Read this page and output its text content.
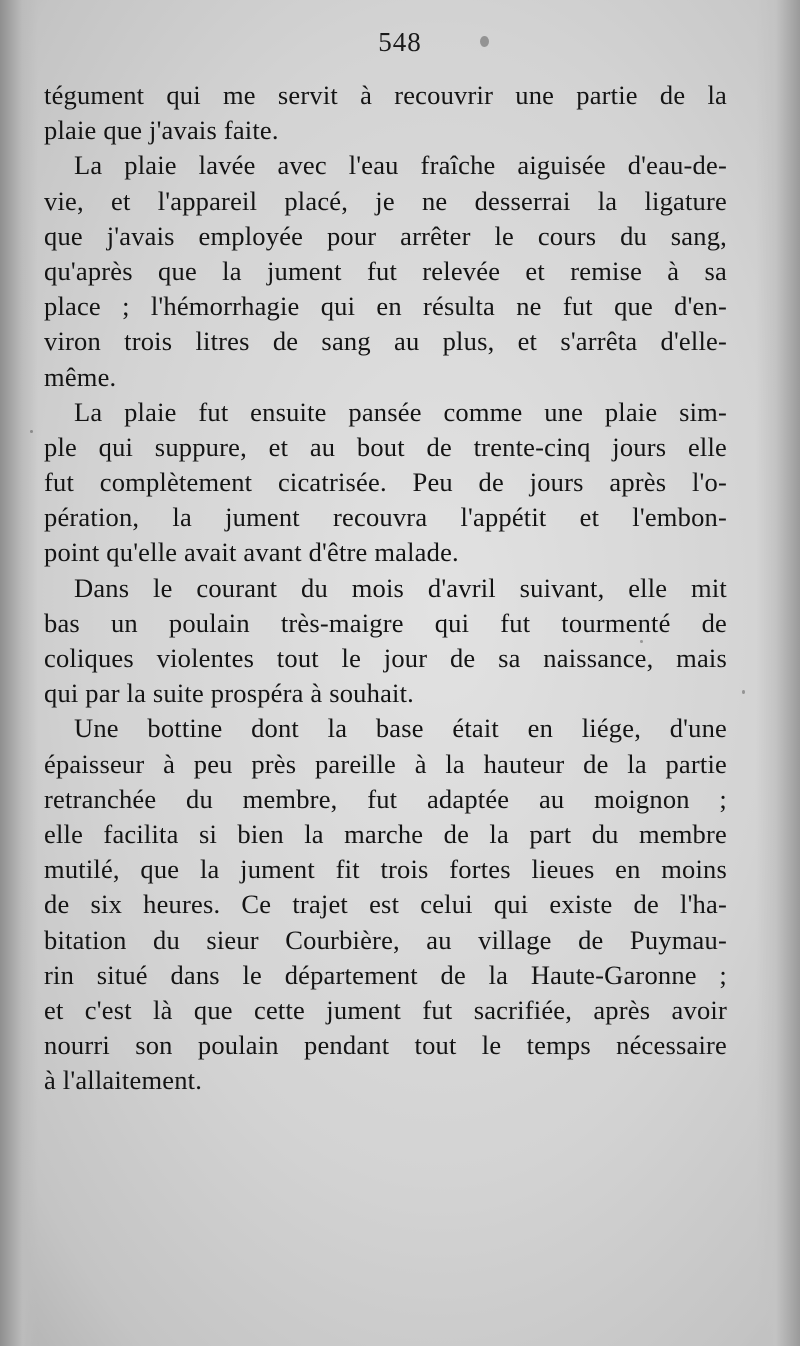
548
tégument qui me servit à recouvrir une partie de la
plaie que j'avais faite.
La plaie lavée avec l'eau fraîche aiguisée d'eau-de-
vie, et l'appareil placé, je ne desserrai la ligature
que j'avais employée pour arrêter le cours du sang,
qu'après que la jument fut relevée et remise à sa
place ; l'hémorrhagie qui en résulta ne fut que d'en-
viron trois litres de sang au plus, et s'arrêta d'elle-
même.
La plaie fut ensuite pansée comme une plaie sim-
ple qui suppure, et au bout de trente-cinq jours elle
fut complètement cicatrisée. Peu de jours après l'o-
pération, la jument recouvra l'appétit et l'embon-
point qu'elle avait avant d'être malade.
Dans le courant du mois d'avril suivant, elle mit
bas un poulain très-maigre qui fut tourmenté de
coliques violentes tout le jour de sa naissance, mais
qui par la suite prospéra à souhait.
Une bottine dont la base était en liége, d'une
épaisseur à peu près pareille à la hauteur de la partie
retranchée du membre, fut adaptée au moignon ;
elle facilita si bien la marche de la part du membre
mutilé, que la jument fit trois fortes lieues en moins
de six heures. Ce trajet est celui qui existe de l'ha-
bitation du sieur Courbière, au village de Puymau-
rin situé dans le département de la Haute-Garonne ;
et c'est là que cette jument fut sacrifiée, après avoir
nourri son poulain pendant tout le temps nécessaire
à l'allaitement.
